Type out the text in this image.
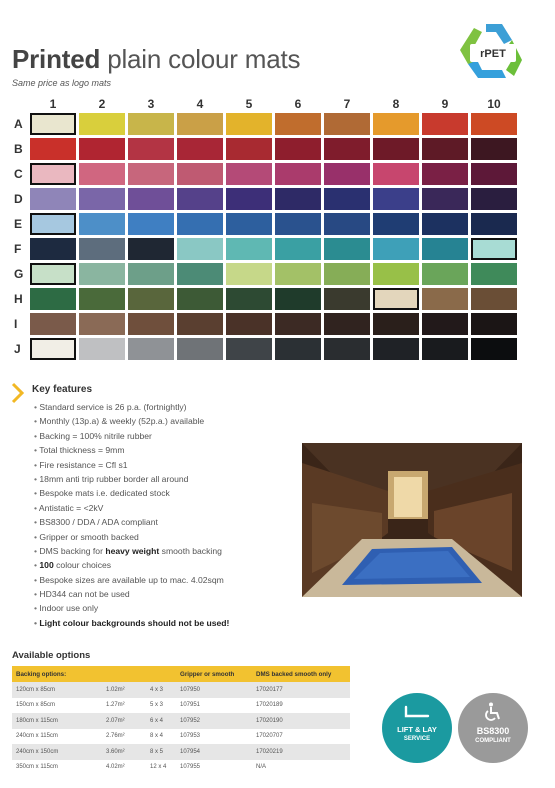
Printed plain colour mats
Same price as logo mats
rPET
1	2	3	4	5	6	7	8	9	10
A
B
C
D
E
F
G
H
I
J
Key features
• Standard service is 26 p.a. (fortnightly)
• Monthly (13p.a) & weekly (52p.a.) available
• Backing = 100% nitrile rubber
• Total thickness = 9mm
• Fire resistance = Cfl s1
• 18mm anti trip rubber border all around
• Bespoke mats i.e. dedicated stock
• Antistatic = <2kV
• BS8300 / DDA / ADA compliant
• Gripper or smooth backed
• DMS backing for heavy weight smooth backing
• 100 colour choices
• Bespoke sizes are available up to mac. 4.02sqm
• HD344 can not be used
• Indoor use only
• Light colour backgrounds should not be used!
Available options
Backing options:			Gripper or smooth	DMS backed smooth only
120cm x 85cm	1.02m²	4 x 3	107950	17020177
150cm x 85cm	1.27m²	5 x 3	107951	17020189
180cm x 115cm	2.07m²	6 x 4	107952	17020190
240cm x 115cm	2.76m²	8 x 4	107953	17020707
240cm x 150cm	3.60m²	8 x 5	107954	17020219
350cm x 115cm	4.02m²	12 x 4	107955	N/A
LIFT & LAY
SERVICE
BS8300
COMPLIANT
